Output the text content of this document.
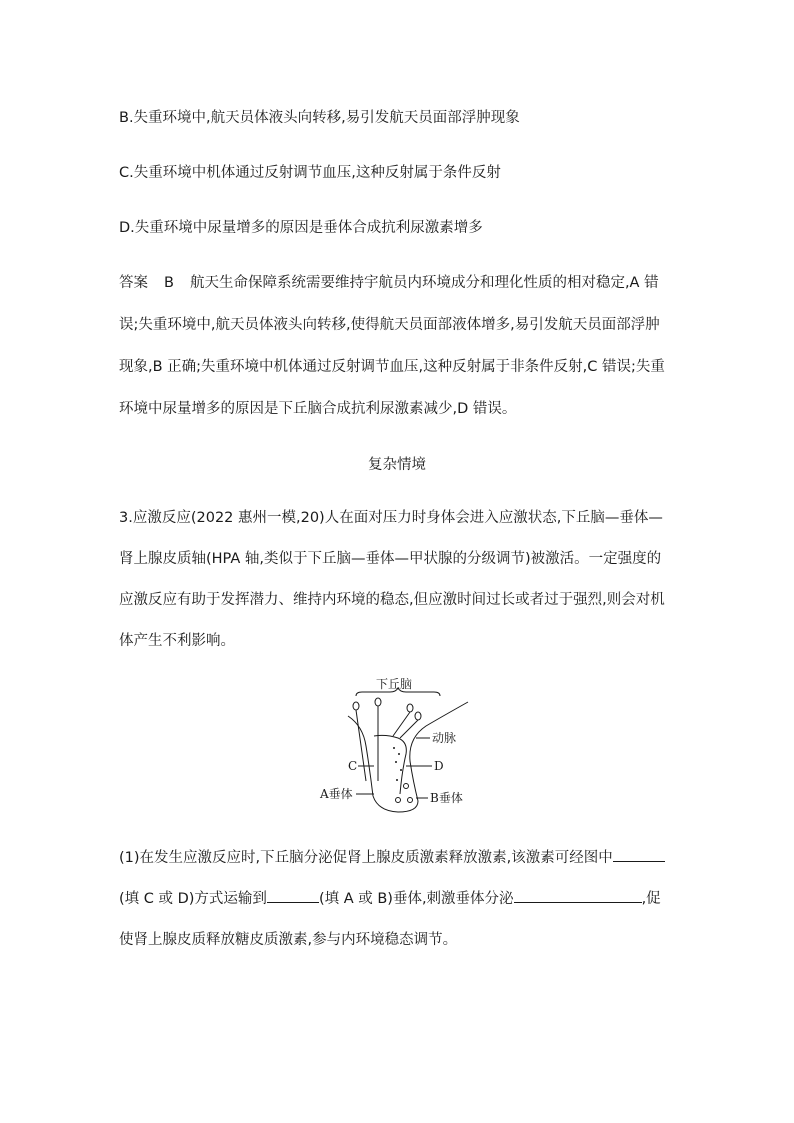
B.失重环境中,航天员体液头向转移,易引发航天员面部浮肿现象
C.失重环境中机体通过反射调节血压,这种反射属于条件反射
D.失重环境中尿量增多的原因是垂体合成抗利尿激素增多
答案 B 航天生命保障系统需要维持宇航员内环境成分和理化性质的相对稳定,A 错
误;失重环境中,航天员体液头向转移,使得航天员面部液体增多,易引发航天员面部浮肿
现象,B 正确;失重环境中机体通过反射调节血压,这种反射属于非条件反射,C 错误;失重
环境中尿量增多的原因是下丘脑合成抗利尿激素减少,D 错误。
复杂情境
3.应激反应(2022 惠州一模,20)人在面对压力时身体会进入应激状态,下丘脑—垂体—
肾上腺皮质轴(HPA 轴,类似于下丘脑—垂体—甲状腺的分级调节)被激活。一定强度的
应激反应有助于发挥潜力、维持内环境的稳态,但应激时间过长或者过于强烈,则会对机
体产生不利影响。
下丘脑
动脉
C	D
A垂体	B垂体
(1)在发生应激反应时,下丘脑分泌促肾上腺皮质激素释放激素,该激素可经图中
(填 C 或 D)方式运输到	(填 A 或 B)垂体,刺激垂体分泌	,促
使肾上腺皮质释放糖皮质激素,参与内环境稳态调节。
